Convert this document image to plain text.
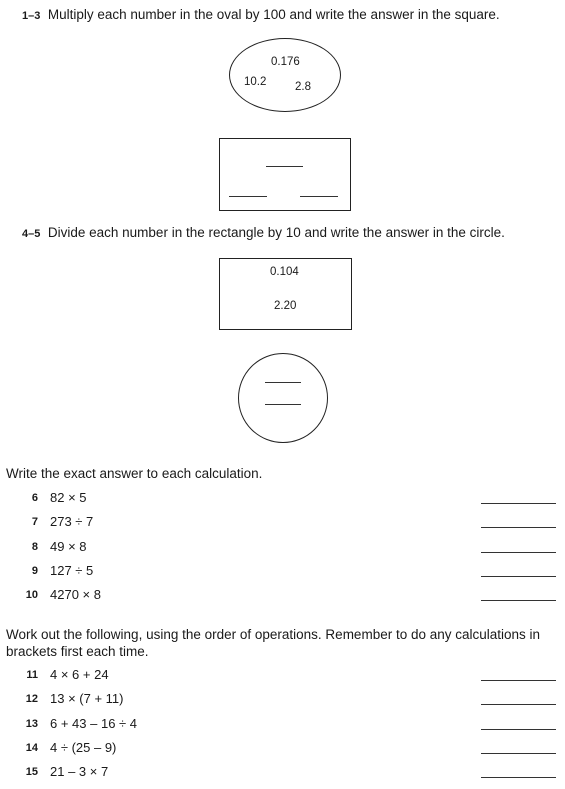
1–3 Multiply each number in the oval by 100 and write the answer in the square.
0.176
10.2 2.8
4–5 Divide each number in the rectangle by 10 and write the answer in the circle.
0.104
2.20
Write the exact answer to each calculation.
6 82 × 5
7 273 ÷ 7
8 49 × 8
9 127 ÷ 5
10 4270 × 8
Work out the following, using the order of operations. Remember to do any calculations in brackets first each time.
11 4 × 6 + 24
12 13 × (7 + 11)
13 6 + 43 – 16 ÷ 4
14 4 ÷ (25 – 9)
15 21 – 3 × 7
